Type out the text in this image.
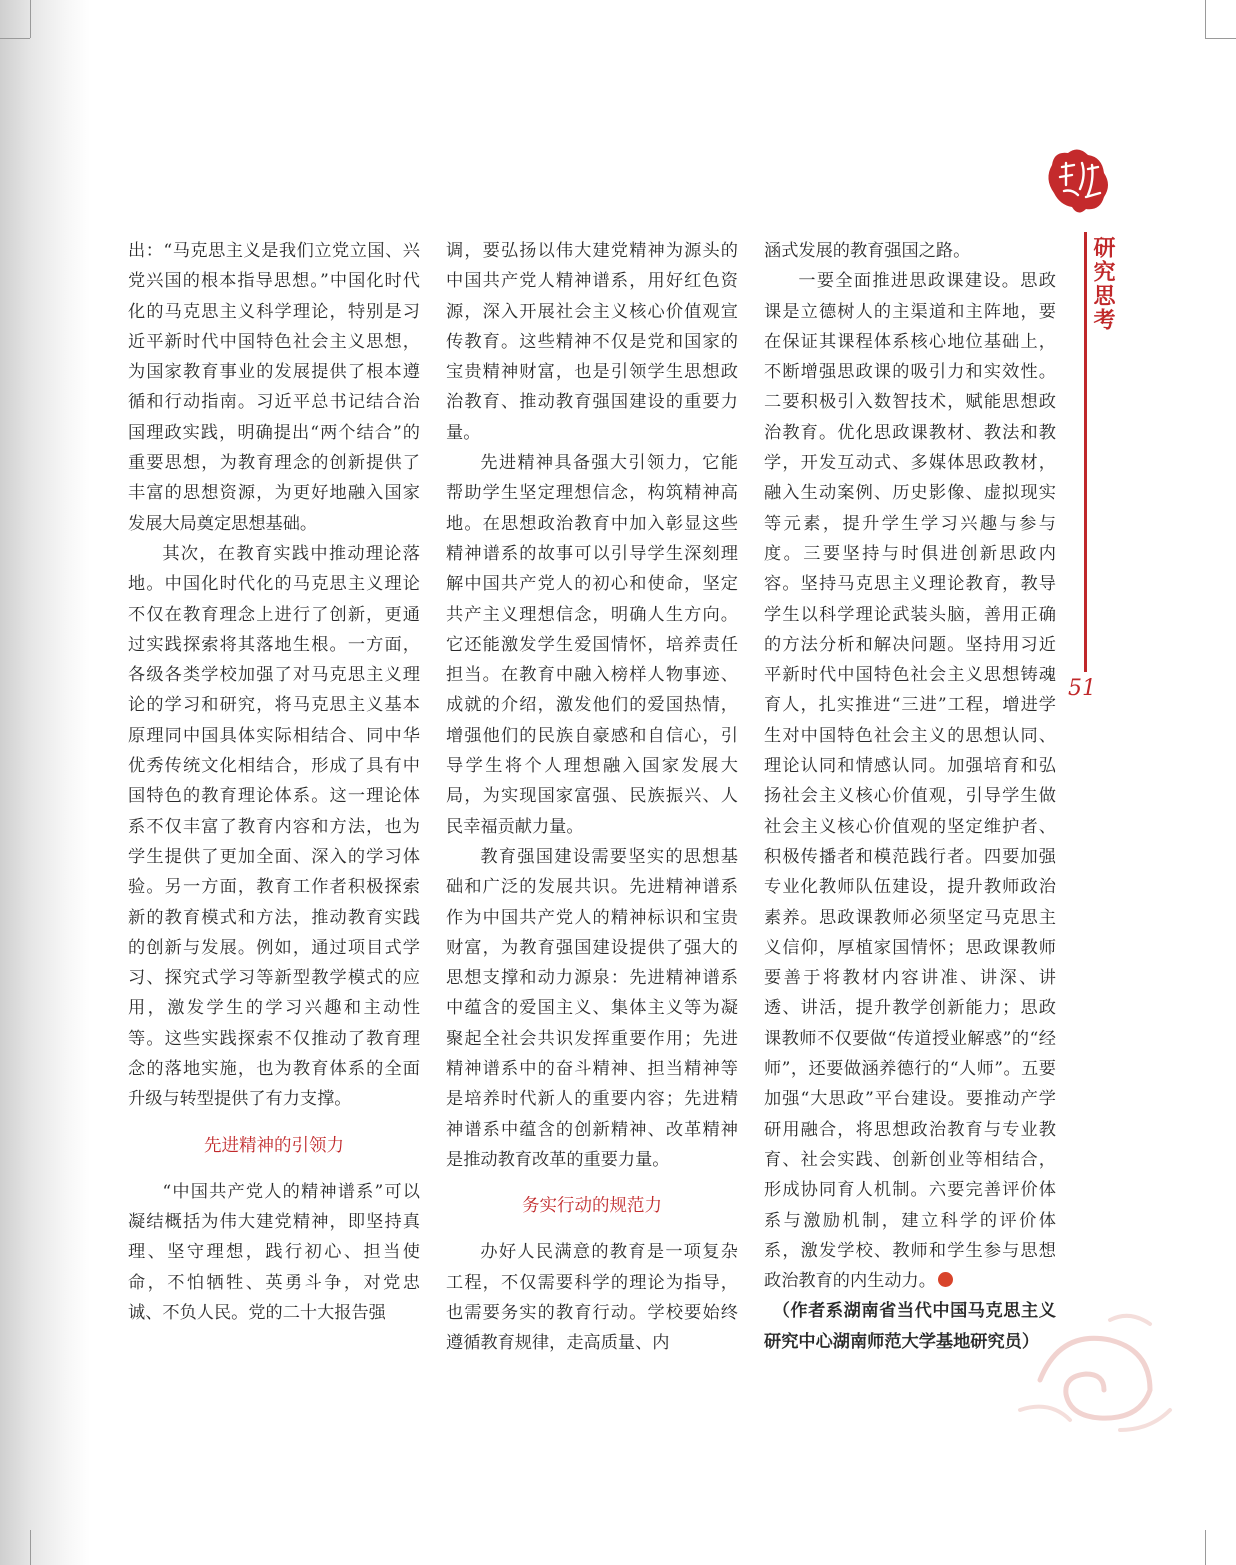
研究思考
51

出：“马克思主义是我们立党立国、兴党兴国的根本指导思想。”中国化时代化的马克思主义科学理论，特别是习近平新时代中国特色社会主义思想，为国家教育事业的发展提供了根本遵循和行动指南。习近平总书记结合治国理政实践，明确提出“两个结合”的重要思想，为教育理念的创新提供了丰富的思想资源，为更好地融入国家发展大局奠定思想基础。

其次，在教育实践中推动理论落地。中国化时代化的马克思主义理论不仅在教育理念上进行了创新，更通过实践探索将其落地生根。一方面，各级各类学校加强了对马克思主义理论的学习和研究，将马克思主义基本原理同中国具体实际相结合、同中华优秀传统文化相结合，形成了具有中国特色的教育理论体系。这一理论体系不仅丰富了教育内容和方法，也为学生提供了更加全面、深入的学习体验。另一方面，教育工作者积极探索新的教育模式和方法，推动教育实践的创新与发展。例如，通过项目式学习、探究式学习等新型教学模式的应用，激发学生的学习兴趣和主动性等。这些实践探索不仅推动了教育理念的落地实施，也为教育体系的全面升级与转型提供了有力支撑。

先进精神的引领力

“中国共产党人的精神谱系”可以凝结概括为伟大建党精神，即坚持真理、坚守理想，践行初心、担当使命，不怕牺牲、英勇斗争，对党忠诚、不负人民。党的二十大报告强

调，要弘扬以伟大建党精神为源头的中国共产党人精神谱系，用好红色资源，深入开展社会主义核心价值观宣传教育。这些精神不仅是党和国家的宝贵精神财富，也是引领学生思想政治教育、推动教育强国建设的重要力量。

先进精神具备强大引领力，它能帮助学生坚定理想信念，构筑精神高地。在思想政治教育中加入彰显这些精神谱系的故事可以引导学生深刻理解中国共产党人的初心和使命，坚定共产主义理想信念，明确人生方向。它还能激发学生爱国情怀，培养责任担当。在教育中融入榜样人物事迹、成就的介绍，激发他们的爱国热情，增强他们的民族自豪感和自信心，引导学生将个人理想融入国家发展大局，为实现国家富强、民族振兴、人民幸福贡献力量。

教育强国建设需要坚实的思想基础和广泛的发展共识。先进精神谱系作为中国共产党人的精神标识和宝贵财富，为教育强国建设提供了强大的思想支撑和动力源泉：先进精神谱系中蕴含的爱国主义、集体主义等为凝聚起全社会共识发挥重要作用；先进精神谱系中的奋斗精神、担当精神等是培养时代新人的重要内容；先进精神谱系中蕴含的创新精神、改革精神是推动教育改革的重要力量。

务实行动的规范力

办好人民满意的教育是一项复杂工程，不仅需要科学的理论为指导，也需要务实的教育行动。学校要始终遵循教育规律，走高质量、内

涵式发展的教育强国之路。

一要全面推进思政课建设。思政课是立德树人的主渠道和主阵地，要在保证其课程体系核心地位基础上，不断增强思政课的吸引力和实效性。二要积极引入数智技术，赋能思想政治教育。优化思政课教材、教法和教学，开发互动式、多媒体思政教材，融入生动案例、历史影像、虚拟现实等元素，提升学生学习兴趣与参与度。三要坚持与时俱进创新思政内容。坚持马克思主义理论教育，教导学生以科学理论武装头脑，善用正确的方法分析和解决问题。坚持用习近平新时代中国特色社会主义思想铸魂育人，扎实推进“三进”工程，增进学生对中国特色社会主义的思想认同、理论认同和情感认同。加强培育和弘扬社会主义核心价值观，引导学生做社会主义核心价值观的坚定维护者、积极传播者和模范践行者。四要加强专业化教师队伍建设，提升教师政治素养。思政课教师必须坚定马克思主义信仰，厚植家国情怀；思政课教师要善于将教材内容讲准、讲深、讲透、讲活，提升教学创新能力；思政课教师不仅要做“传道授业解惑”的“经师”，还要做涵养德行的“人师”。五要加强“大思政”平台建设。要推动产学研用融合，将思想政治教育与专业教育、社会实践、创新创业等相结合，形成协同育人机制。六要完善评价体系与激励机制，建立科学的评价体系，激发学校、教师和学生参与思想政治教育的内生动力。

（作者系湖南省当代中国马克思主义研究中心湖南师范大学基地研究员）
